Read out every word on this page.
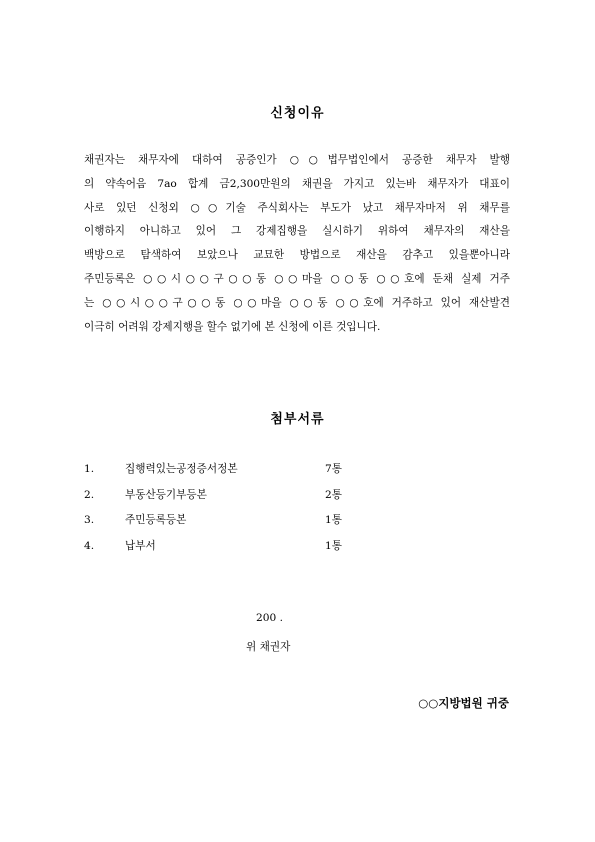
신청이유
채권자는 채무자에 대하여 공증인가 ○○법무법인에서 공증한 채무자 발행
의 약속어음 7ao 합계 금2,300만원의 채권을 가지고 있는바 채무자가 대표이
사로 있던 신청외 ○○기술 주식회사는 부도가 났고 채무자마저 위 채무를
이행하지 아니하고 있어 그 강제집행을 실시하기 위하여 채무자의 재산을
백방으로 탐색하여 보았으나 교묘한 방법으로 재산을 감추고 있을뿐아니라
주민등록은 ○○시○○구○○동 ○○마을 ○○동 ○○호에 둔채 실제 거주
는 ○○시○○구○○동 ○○마을 ○○동 ○○호에 거주하고 있어 재산발견
이극히 어려워 강제지행을 할수 없기에 본 신청에 이른 것입니다.
첨부서류
1.	집행력있는공정증서정본	7통
2.	부동산등기부등본	2통
3.	주민등록등본	1통
4.	납부서	1통
200 .
위 채권자
○○지방법원 귀중
